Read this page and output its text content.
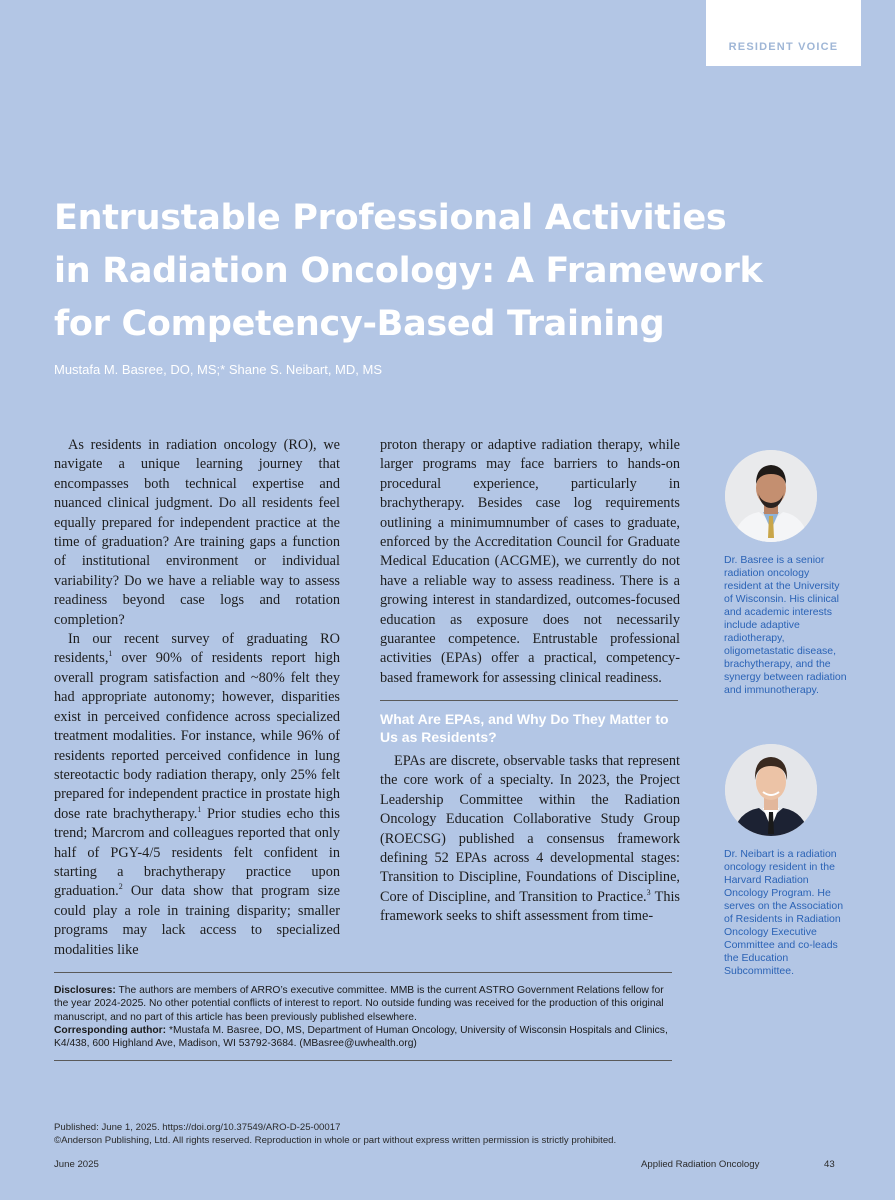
RESIDENT VOICE
Entrustable Professional Activities in Radiation Oncology: A Framework for Competency-Based Training
Mustafa M. Basree, DO, MS;* Shane S. Neibart, MD, MS

As residents in radiation oncology (RO), we navigate a unique learning journey that encompasses both technical expertise and nuanced clinical judgment. Do all residents feel equally prepared for independent practice at the time of graduation? Are training gaps a function of institutional environment or individual variability? Do we have a reliable way to assess readiness beyond case logs and rotation completion?

In our recent survey of graduating RO residents,$^1$ over 90% of residents report high overall program satisfaction and ~80% felt they had appropriate autonomy; however, disparities exist in perceived confidence across specialized treatment modalities. For instance, while 96% of residents reported perceived confidence in lung stereotactic body radiation therapy, only 25% felt prepared for independent practice in prostate high dose rate brachytherapy.$^1$ Prior studies echo this trend; Marcrom and colleagues reported that only half of PGY-4/5 residents felt confident in starting a brachytherapy practice upon graduation.$^2$ Our data show that program size could play a role in training disparity; smaller programs may lack access to specialized modalities like

proton therapy or adaptive radiation therapy, while larger programs may face barriers to hands-on procedural experience, particularly in brachytherapy. Besides case log requirements outlining a minimumnumber of cases to graduate, enforced by the Accreditation Council for Graduate Medical Education (ACGME), we currently do not have a reliable way to assess readiness. There is a growing interest in standardized, outcomes-focused education as exposure does not necessarily guarantee competence. Entrustable professional activities (EPAs) offer a practical, competency-based framework for assessing clinical readiness.

What Are EPAs, and Why Do They Matter to Us as Residents?

EPAs are discrete, observable tasks that represent the core work of a specialty. In 2023, the Project Leadership Committee within the Radiation Oncology Education Collaborative Study Group (ROECSG) published a consensus framework defining 52 EPAs across 4 developmental stages: Transition to Discipline, Foundations of Discipline, Core of Discipline, and Transition to Practice.$^3$ This framework seeks to shift assessment from time-

Dr. Basree is a senior radiation oncology resident at the University of Wisconsin. His clinical and academic interests include adaptive radiotherapy, oligometastatic disease, brachytherapy, and the synergy between radiation and immunotherapy.
Dr. Neibart is a radiation oncology resident in the Harvard Radiation Oncology Program. He serves on the Association of Residents in Radiation Oncology Executive Committee and co-leads the Education Subcommittee.

Disclosures: The authors are members of ARRO’s executive committee. MMB is the current ASTRO Government Relations fellow for the year 2024-2025. No other potential conflicts of interest to report. No outside funding was received for the production of this original manuscript, and no part of this article has been previously published elsewhere.

Corresponding author: *Mustafa M. Basree, DO, MS, Department of Human Oncology, University of Wisconsin Hospitals and Clinics, K4/438, 600 Highland Ave, Madison, WI 53792-3684. (MBasree@uwhealth.org)

Published: June 1, 2025. https://doi.org/10.37549/ARO-D-25-00017

©Anderson Publishing, Ltd. All rights reserved. Reproduction in whole or part without express written permission is strictly prohibited.

June 2025	Applied Radiation Oncology	43
